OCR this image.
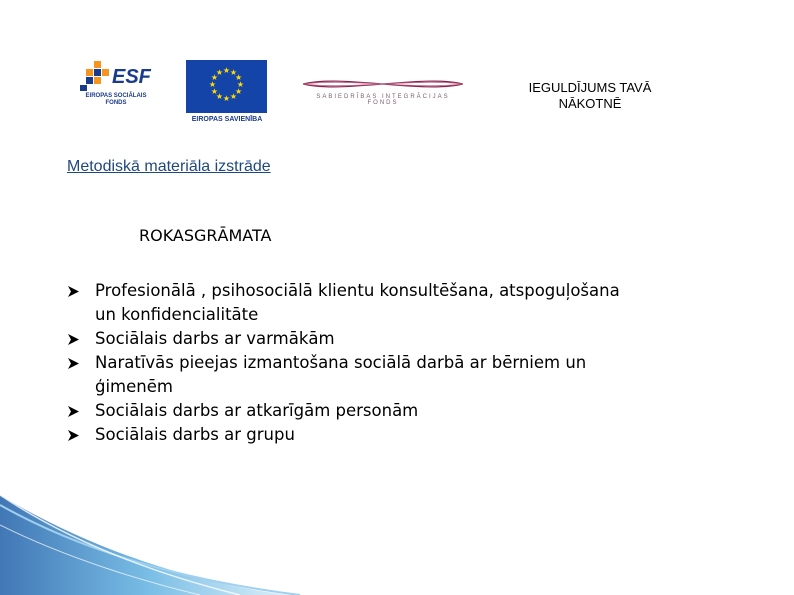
ESF
EIROPAS SOCIĀLAIS FONDS
★ ★
★
★
★
★
★
★
★
★
★
★
EIROPAS SAVIENĪBA
SABIEDRĪBAS INTEGRĀCIJAS FONDS
IEGULDĪJUMS TAVĀ
NĀKOTNĒ
Metodiskā materiāla izstrāde
ROKASGRĀMATA
Profesionālā , psihosociālā klientu konsultēšana, atspoguļošana
un konfidencialitāte
Sociālais darbs ar varmākām
Naratīvās pieejas izmantošana sociālā darbā ar bērniem un
ģimenēm
Sociālais darbs ar atkarīgām personām
Sociālais darbs ar grupu
